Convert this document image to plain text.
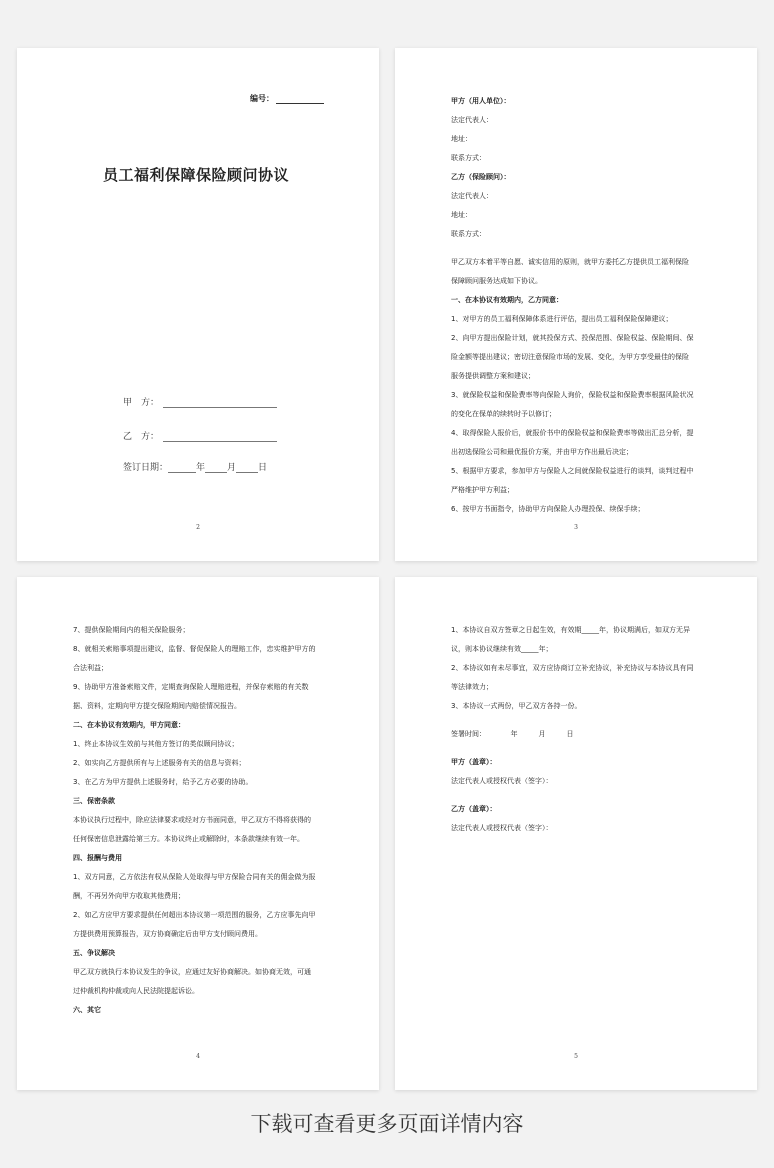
编号：
员工福利保障保险顾问协议
甲　方：
乙　方：
签订日期：	年 月 日
2

甲方（用人单位）：

法定代表人：

地址：

联系方式：

乙方（保险顾问）：

法定代表人：

地址：

联系方式：

甲乙双方本着平等自愿、诚实信用的原则，就甲方委托乙方提供员工福利保险

保障顾问服务达成如下协议。

一、在本协议有效期内，乙方同意：

1、对甲方的员工福利保障体系进行评估，提出员工福利保险保障建议；

2、向甲方提出保险计划，就其投保方式、投保范围、保险权益、保险期间、保

险金额等提出建议；密切注意保险市场的发展、变化，为甲方享受最佳的保险

服务提供调整方案和建议；

3、就保险权益和保险费率等向保险人询价，保险权益和保险费率根据风险状况

的变化在保单的续转时予以修订；

4、取得保险人报价后，就报价书中的保险权益和保险费率等做出汇总分析，提

出初选保险公司和最优报价方案，并由甲方作出最后决定；

5、根据甲方要求，参加甲方与保险人之间就保险权益进行的谈判，谈判过程中

严格维护甲方利益；

6、按甲方书面指令，协助甲方向保险人办理投保、续保手续；

3

7、提供保险期间内的相关保险服务；

8、就相关索赔事项提出建议，监督、督促保险人的理赔工作，忠实维护甲方的

合法利益；

9、协助甲方准备索赔文件，定期查询保险人理赔进程，并保存索赔的有关数

据、资料，定期向甲方提交保险期间内赔偿情况报告。

二、在本协议有效期内，甲方同意：

1、终止本协议生效前与其他方签订的类似顾问协议；

2、如实向乙方提供所有与上述服务有关的信息与资料；

3、在乙方为甲方提供上述服务时，给予乙方必要的协助。

三、保密条款

本协议执行过程中，除应法律要求或经对方书面同意，甲乙双方不得将获得的

任何保密信息泄露给第三方。本协议终止或解除时，本条款继续有效一年。

四、报酬与费用

1、双方同意，乙方依法有权从保险人处取得与甲方保险合同有关的佣金做为报

酬，不再另外向甲方收取其他费用；

2、如乙方应甲方要求提供任何超出本协议第一项范围的服务，乙方应事先向甲

方提供费用预算报告，双方协商确定后由甲方支付顾问费用。

五、争议解决

甲乙双方就执行本协议发生的争议，应通过友好协商解决。如协商无效，可通

过仲裁机构仲裁或向人民法院提起诉讼。

六、其它

4

1、本协议自双方签章之日起生效，有效期_____年，协议期满后，如双方无异

议，则本协议继续有效_____年；

2、本协议如有未尽事宜，双方应协商订立补充协议，补充协议与本协议具有同

等法律效力；

3、本协议一式两份，甲乙双方各持一份。

签署时间：　　　　年　　　月　　　日

甲方（盖章）：

法定代表人或授权代表（签字）：

乙方（盖章）：

法定代表人或授权代表（签字）：

5
下载可查看更多页面详情内容
